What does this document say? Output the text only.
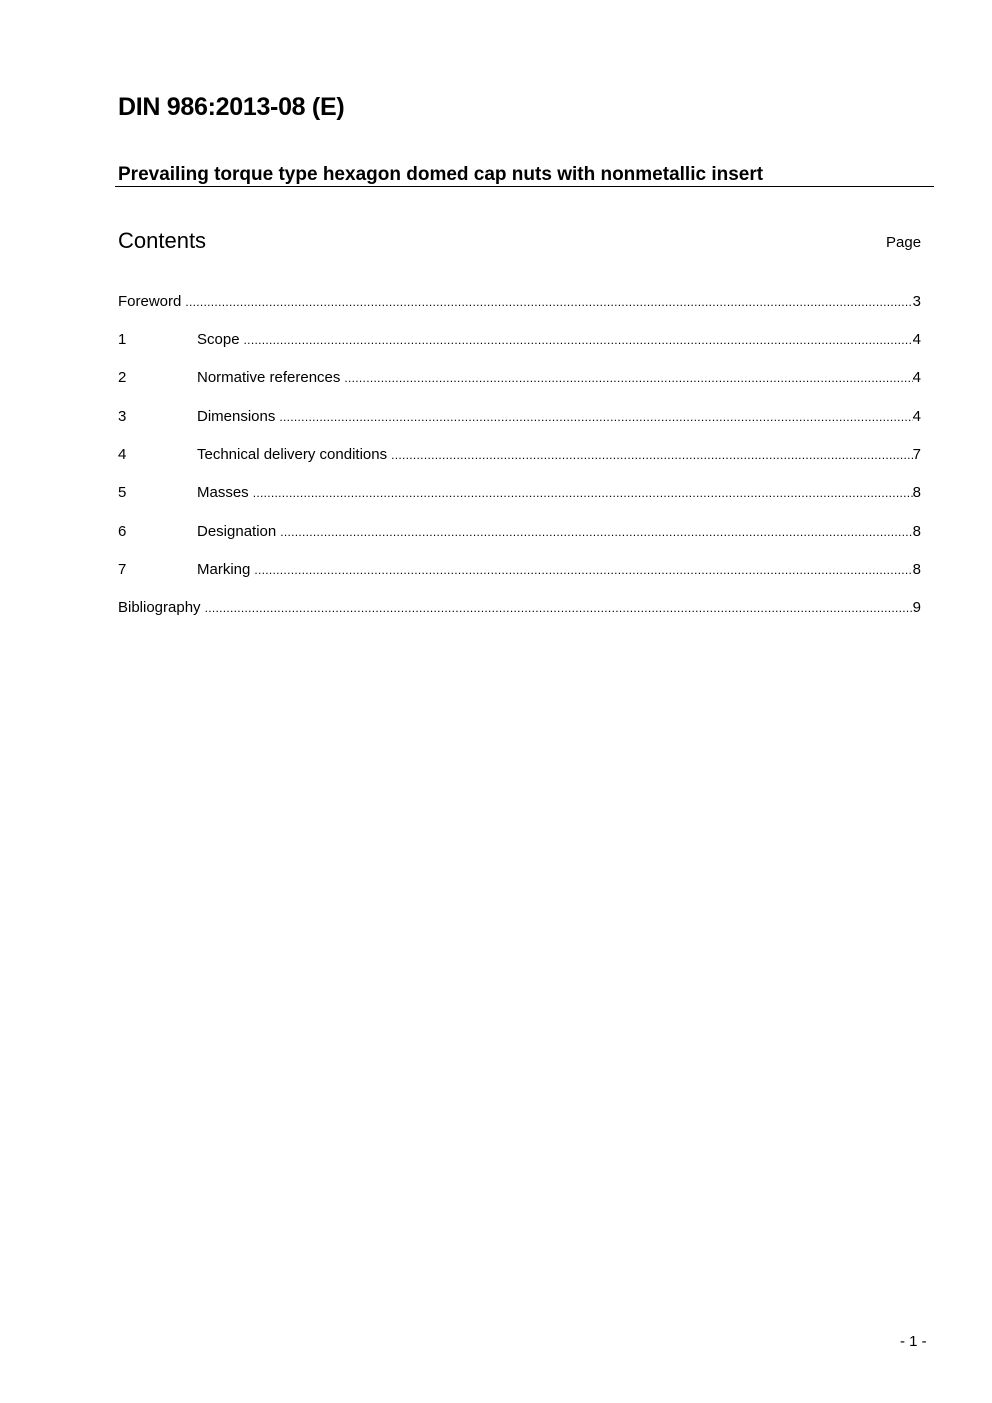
DIN 986:2013-08 (E)
Prevailing torque type hexagon domed cap nuts with nonmetallic insert
Contents	Page
Foreword .....	3
1	Scope .....	4
2	Normative references .....	4
3	Dimensions .....	4
4	Technical delivery conditions .....	7
5	Masses .....	8
6	Designation .....	8
7	Marking .....	8
Bibliography .....	9
- 1 -
